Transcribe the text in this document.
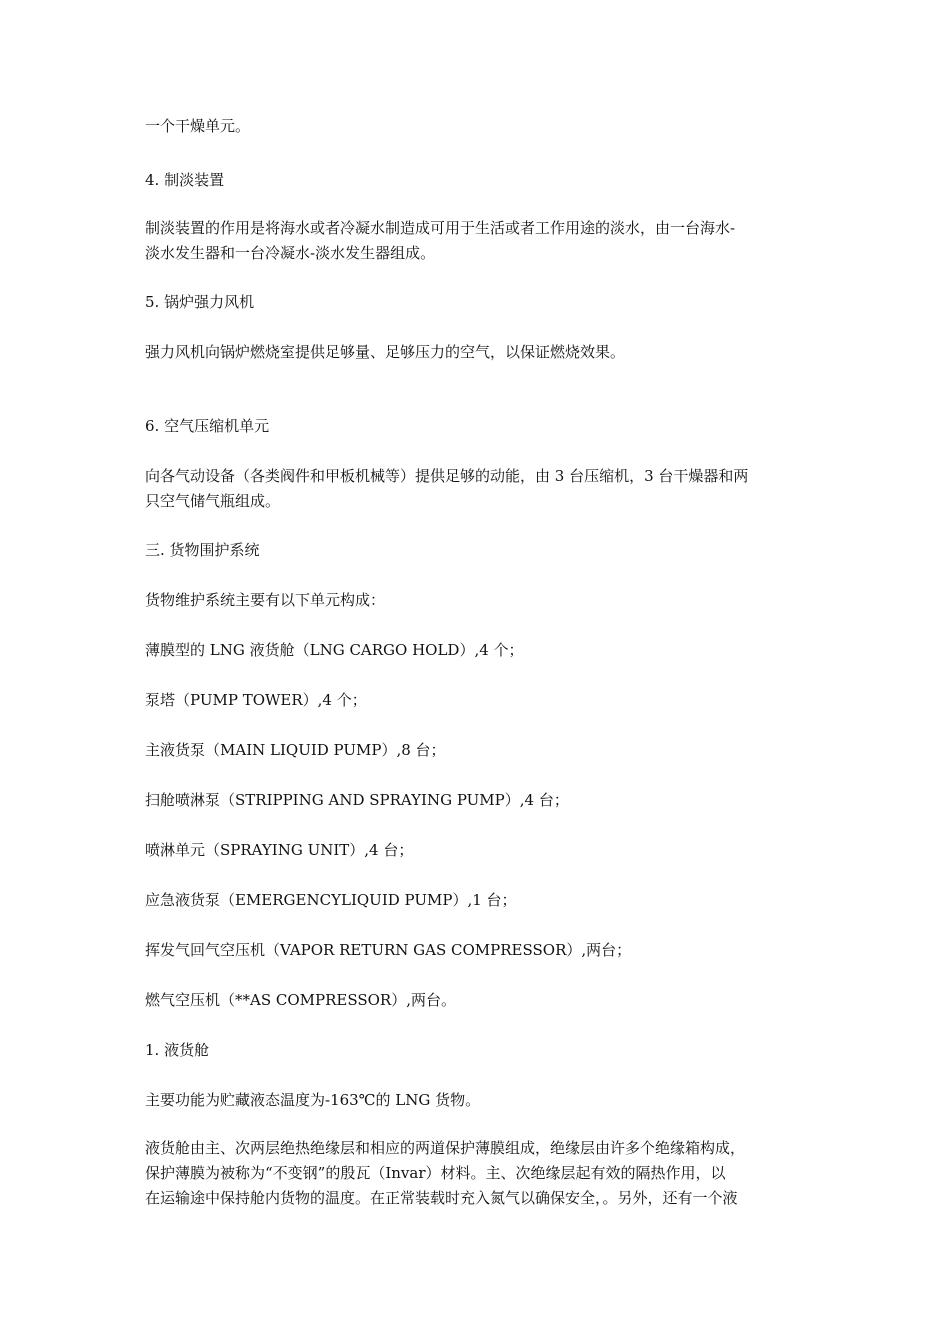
一个干燥单元。

4. 制淡装置

制淡装置的作用是将海水或者冷凝水制造成可用于生活或者工作用途的淡水，由一台海水-
淡水发生器和一台冷凝水-淡水发生器组成。

5. 锅炉强力风机

强力风机向锅炉燃烧室提供足够量、足够压力的空气，以保证燃烧效果。

6. 空气压缩机单元

向各气动设备（各类阀件和甲板机械等）提供足够的动能，由 3 台压缩机，3 台干燥器和两
只空气储气瓶组成。

三. 货物围护系统

货物维护系统主要有以下单元构成：

薄膜型的 LNG 液货舱（LNG CARGO HOLD）,4 个；

泵塔（PUMP TOWER）,4 个；

主液货泵（MAIN LIQUID PUMP）,8 台；

扫舱喷淋泵（STRIPPING AND SPRAYING PUMP）,4 台；

喷淋单元（SPRAYING UNIT）,4 台；

应急液货泵（EMERGENCYLIQUID PUMP）,1 台；

挥发气回气空压机（VAPOR RETURN GAS COMPRESSOR）,两台；

燃气空压机（**AS COMPRESSOR）,两台。

1. 液货舱

主要功能为贮藏液态温度为-163℃的 LNG 货物。

液货舱由主、次两层绝热绝缘层和相应的两道保护薄膜组成，绝缘层由许多个绝缘箱构成，
保护薄膜为被称为“不变钢”的殷瓦（Invar）材料。主、次绝缘层起有效的隔热作用，以
在运输途中保持舱内货物的温度。在正常装载时充入氮气以确保安全，。另外，还有一个液
